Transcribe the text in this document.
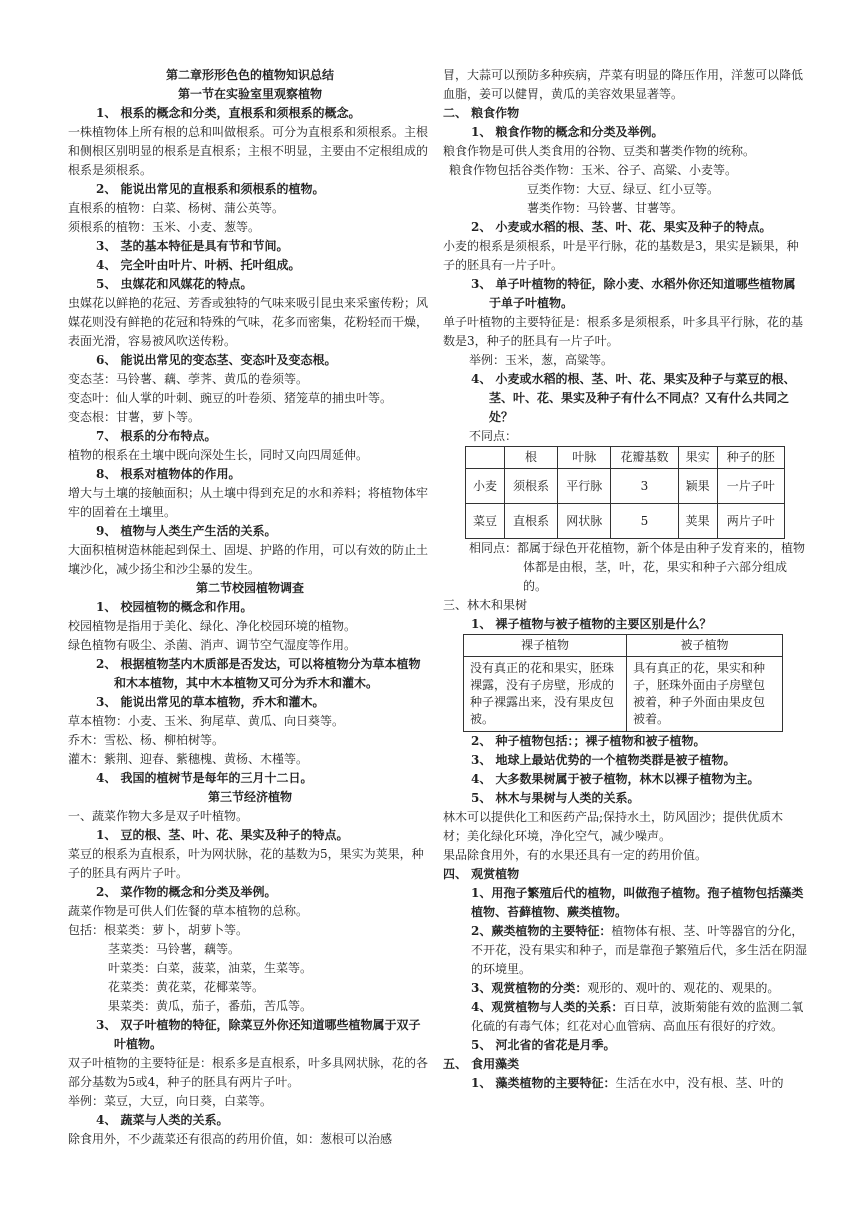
第二章形形色色的植物知识总结
第一节在实验室里观察植物
1、 根系的概念和分类，直根系和须根系的概念。
一株植物体上所有根的总和叫做根系。可分为直根系和须根系。主根和侧根区别明显的根系是直根系；主根不明显，主要由不定根组成的根系是须根系。
2、 能说出常见的直根系和须根系的植物。
直根系的植物：白菜、杨树、蒲公英等。
须根系的植物：玉米、小麦、葱等。
3、 茎的基本特征是具有节和节间。
4、 完全叶由叶片、叶柄、托叶组成。
5、 虫媒花和风媒花的特点。
虫媒花以鲜艳的花冠、芳香或独特的气味来吸引昆虫来采蜜传粉；风媒花则没有鲜艳的花冠和特殊的气味，花多而密集，花粉轻而干燥，表面光滑，容易被风吹送传粉。
6、 能说出常见的变态茎、变态叶及变态根。
变态茎：马铃薯、藕、荸荠、黄瓜的卷须等。
变态叶：仙人掌的叶刺、豌豆的叶卷须、猪笼草的捕虫叶等。
变态根：甘薯，萝卜等。
7、 根系的分布特点。
植物的根系在土壤中既向深处生长，同时又向四周延伸。
8、 根系对植物体的作用。
增大与土壤的接触面积；从土壤中得到充足的水和养料；将植物体牢牢的固着在土壤里。
9、 植物与人类生产生活的关系。
大面积植树造林能起到保土、固堤、护路的作用，可以有效的防止土壤沙化，减少扬尘和沙尘暴的发生。
第二节校园植物调查
1、 校园植物的概念和作用。
校园植物是指用于美化、绿化、净化校园环境的植物。
绿色植物有吸尘、杀菌、消声、调节空气湿度等作用。
2、 根据植物茎内木质部是否发达，可以将植物分为草本植物和木本植物，其中木本植物又可分为乔木和灌木。
3、 能说出常见的草本植物，乔木和灌木。
草本植物：小麦、玉米、狗尾草、黄瓜、向日葵等。
乔木：雪松、杨、柳柏树等。
灌木：紫荆、迎春、紫穗槐、黄杨、木槿等。
4、 我国的植树节是每年的三月十二日。
第三节经济植物
一、蔬菜作物大多是双子叶植物。
1、 豆的根、茎、叶、花、果实及种子的特点。
菜豆的根系为直根系，叶为网状脉，花的基数为5，果实为荚果，种子的胚具有两片子叶。
2、 菜作物的概念和分类及举例。
蔬菜作物是可供人们佐餐的草本植物的总称。
包括：根菜类：萝卜，胡萝卜等。
茎菜类：马铃薯，藕等。
叶菜类：白菜，菠菜，油菜，生菜等。
花菜类：黄花菜，花椰菜等。
果菜类：黄瓜，茄子，番茄，苦瓜等。
3、 双子叶植物的特征，除菜豆外你还知道哪些植物属于双子叶植物。
双子叶植物的主要特征是：根系多是直根系，叶多具网状脉，花的各部分基数为5或4，种子的胚具有两片子叶。
举例：菜豆，大豆，向日葵，白菜等。
4、 蔬菜与人类的关系。
除食用外，不少蔬菜还有很高的药用价值，如：葱根可以治感
冒，大蒜可以预防多种疾病，芹菜有明显的降压作用，洋葱可以降低血脂，姜可以健胃，黄瓜的美容效果显著等。
二、 粮食作物
1、 粮食作物的概念和分类及举例。
粮食作物是可供人类食用的谷物、豆类和薯类作物的统称。
粮食作物包括谷类作物：玉米、谷子、高粱、小麦等。
豆类作物：大豆、绿豆、红小豆等。
薯类作物：马铃薯、甘薯等。
2、 小麦或水稻的根、茎、叶、花、果实及种子的特点。
小麦的根系是须根系，叶是平行脉，花的基数是3，果实是颖果，种子的胚具有一片子叶。
3、 单子叶植物的特征，除小麦、水稻外你还知道哪些植物属于单子叶植物。
单子叶植物的主要特征是：根系多是须根系，叶多具平行脉，花的基数是3，种子的胚具有一片子叶。
举例：玉米，葱，高粱等。
4、 小麦或水稻的根、茎、叶、花、果实及种子与菜豆的根、茎、叶、花、果实及种子有什么不同点？又有什么共同之处？
不同点：
	根	叶脉	花瓣基数	果实	种子的胚
小麦	须根系	平行脉	3	颖果	一片子叶
菜豆	直根系	网状脉	5	荚果	两片子叶
相同点：都属于绿色开花植物，新个体是由种子发育来的，植物体都是由根，茎，叶，花，果实和种子六部分组成的。
三、林木和果树
1、 裸子植物与被子植物的主要区别是什么？
裸子植物	被子植物
没有真正的花和果实，胚珠裸露，没有子房壁，形成的种子裸露出来，没有果皮包被。	具有真正的花，果实和种子，胚珠外面由子房壁包被着，种子外面由果皮包被着。
2、 种子植物包括：；裸子植物和被子植物。
3、 地球上最站优势的一个植物类群是被子植物。
4、 大多数果树属于被子植物，林木以裸子植物为主。
5、 林木与果树与人类的关系。
林木可以提供化工和医药产品;保持水土，防风固沙；提供优质木材；美化绿化环境，净化空气，减少噪声。
果品除食用外，有的水果还具有一定的药用价值。
四、 观赏植物
1、用孢子繁殖后代的植物，叫做孢子植物。孢子植物包括藻类植物、苔藓植物、蕨类植物。
2、蕨类植物的主要特征：植物体有根、茎、叶等器官的分化，不开花，没有果实和种子，而是靠孢子繁殖后代，多生活在阴湿的环境里。
3、观赏植物的分类：观形的、观叶的、观花的、观果的。
4、观赏植物与人类的关系：百日草，波斯菊能有效的监测二氧化硫的有毒气体；红花对心血管病、高血压有很好的疗效。
5、 河北省的省花是月季。
五、 食用藻类
1、 藻类植物的主要特征：生活在水中，没有根、茎、叶的
